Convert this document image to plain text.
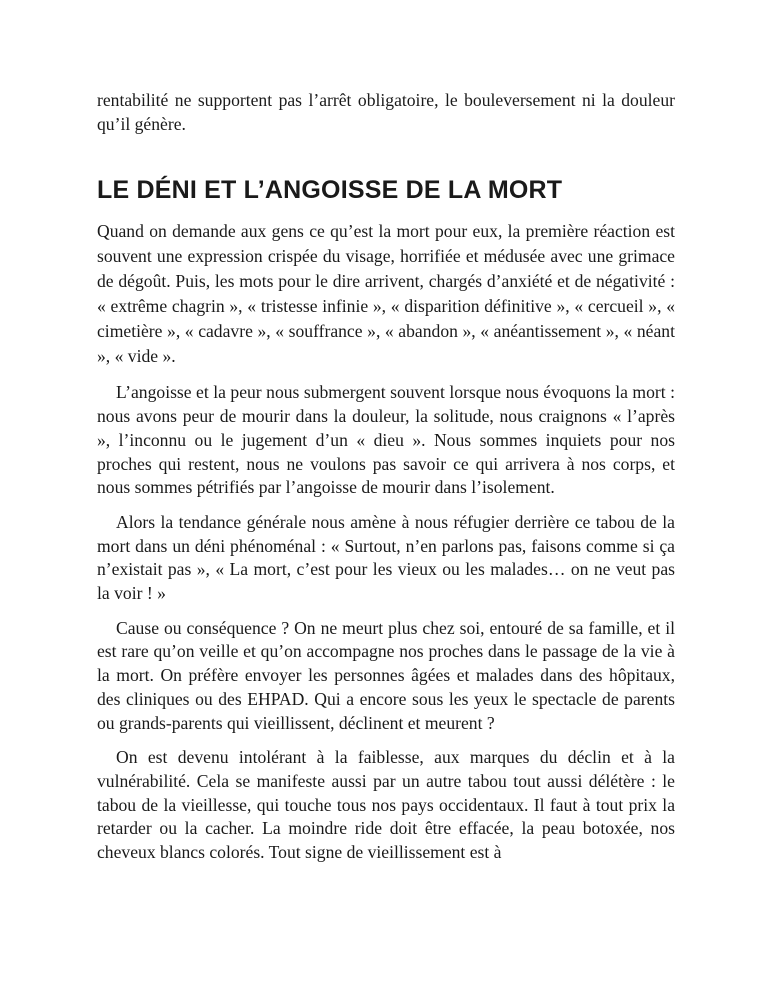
rentabilité ne supportent pas l’arrêt obligatoire, le bouleversement ni la douleur qu’il génère.

LE DÉNI ET L’ANGOISSE DE LA MORT

Quand on demande aux gens ce qu’est la mort pour eux, la première réaction est souvent une expression crispée du visage, horrifiée et médusée avec une grimace de dégoût. Puis, les mots pour le dire arrivent, chargés d’anxiété et de négativité : « extrême chagrin », « tristesse infinie », « disparition définitive », « cercueil », « cimetière », « cadavre », « souffrance », « abandon », « anéantissement », « néant », « vide ».

L’angoisse et la peur nous submergent souvent lorsque nous évoquons la mort : nous avons peur de mourir dans la douleur, la solitude, nous craignons « l’après », l’inconnu ou le jugement d’un « dieu ». Nous sommes inquiets pour nos proches qui restent, nous ne voulons pas savoir ce qui arrivera à nos corps, et nous sommes pétrifiés par l’angoisse de mourir dans l’isolement.

Alors la tendance générale nous amène à nous réfugier derrière ce tabou de la mort dans un déni phénoménal : « Surtout, n’en parlons pas, faisons comme si ça n’existait pas », « La mort, c’est pour les vieux ou les malades… on ne veut pas la voir ! »

Cause ou conséquence ? On ne meurt plus chez soi, entouré de sa famille, et il est rare qu’on veille et qu’on accompagne nos proches dans le passage de la vie à la mort. On préfère envoyer les personnes âgées et malades dans des hôpitaux, des cliniques ou des EHPAD. Qui a encore sous les yeux le spectacle de parents ou grands-parents qui vieillissent, déclinent et meurent ?

On est devenu intolérant à la faiblesse, aux marques du déclin et à la vulnérabilité. Cela se manifeste aussi par un autre tabou tout aussi délétère : le tabou de la vieillesse, qui touche tous nos pays occidentaux. Il faut à tout prix la retarder ou la cacher. La moindre ride doit être effacée, la peau botoxée, nos cheveux blancs colorés. Tout signe de vieillissement est à
